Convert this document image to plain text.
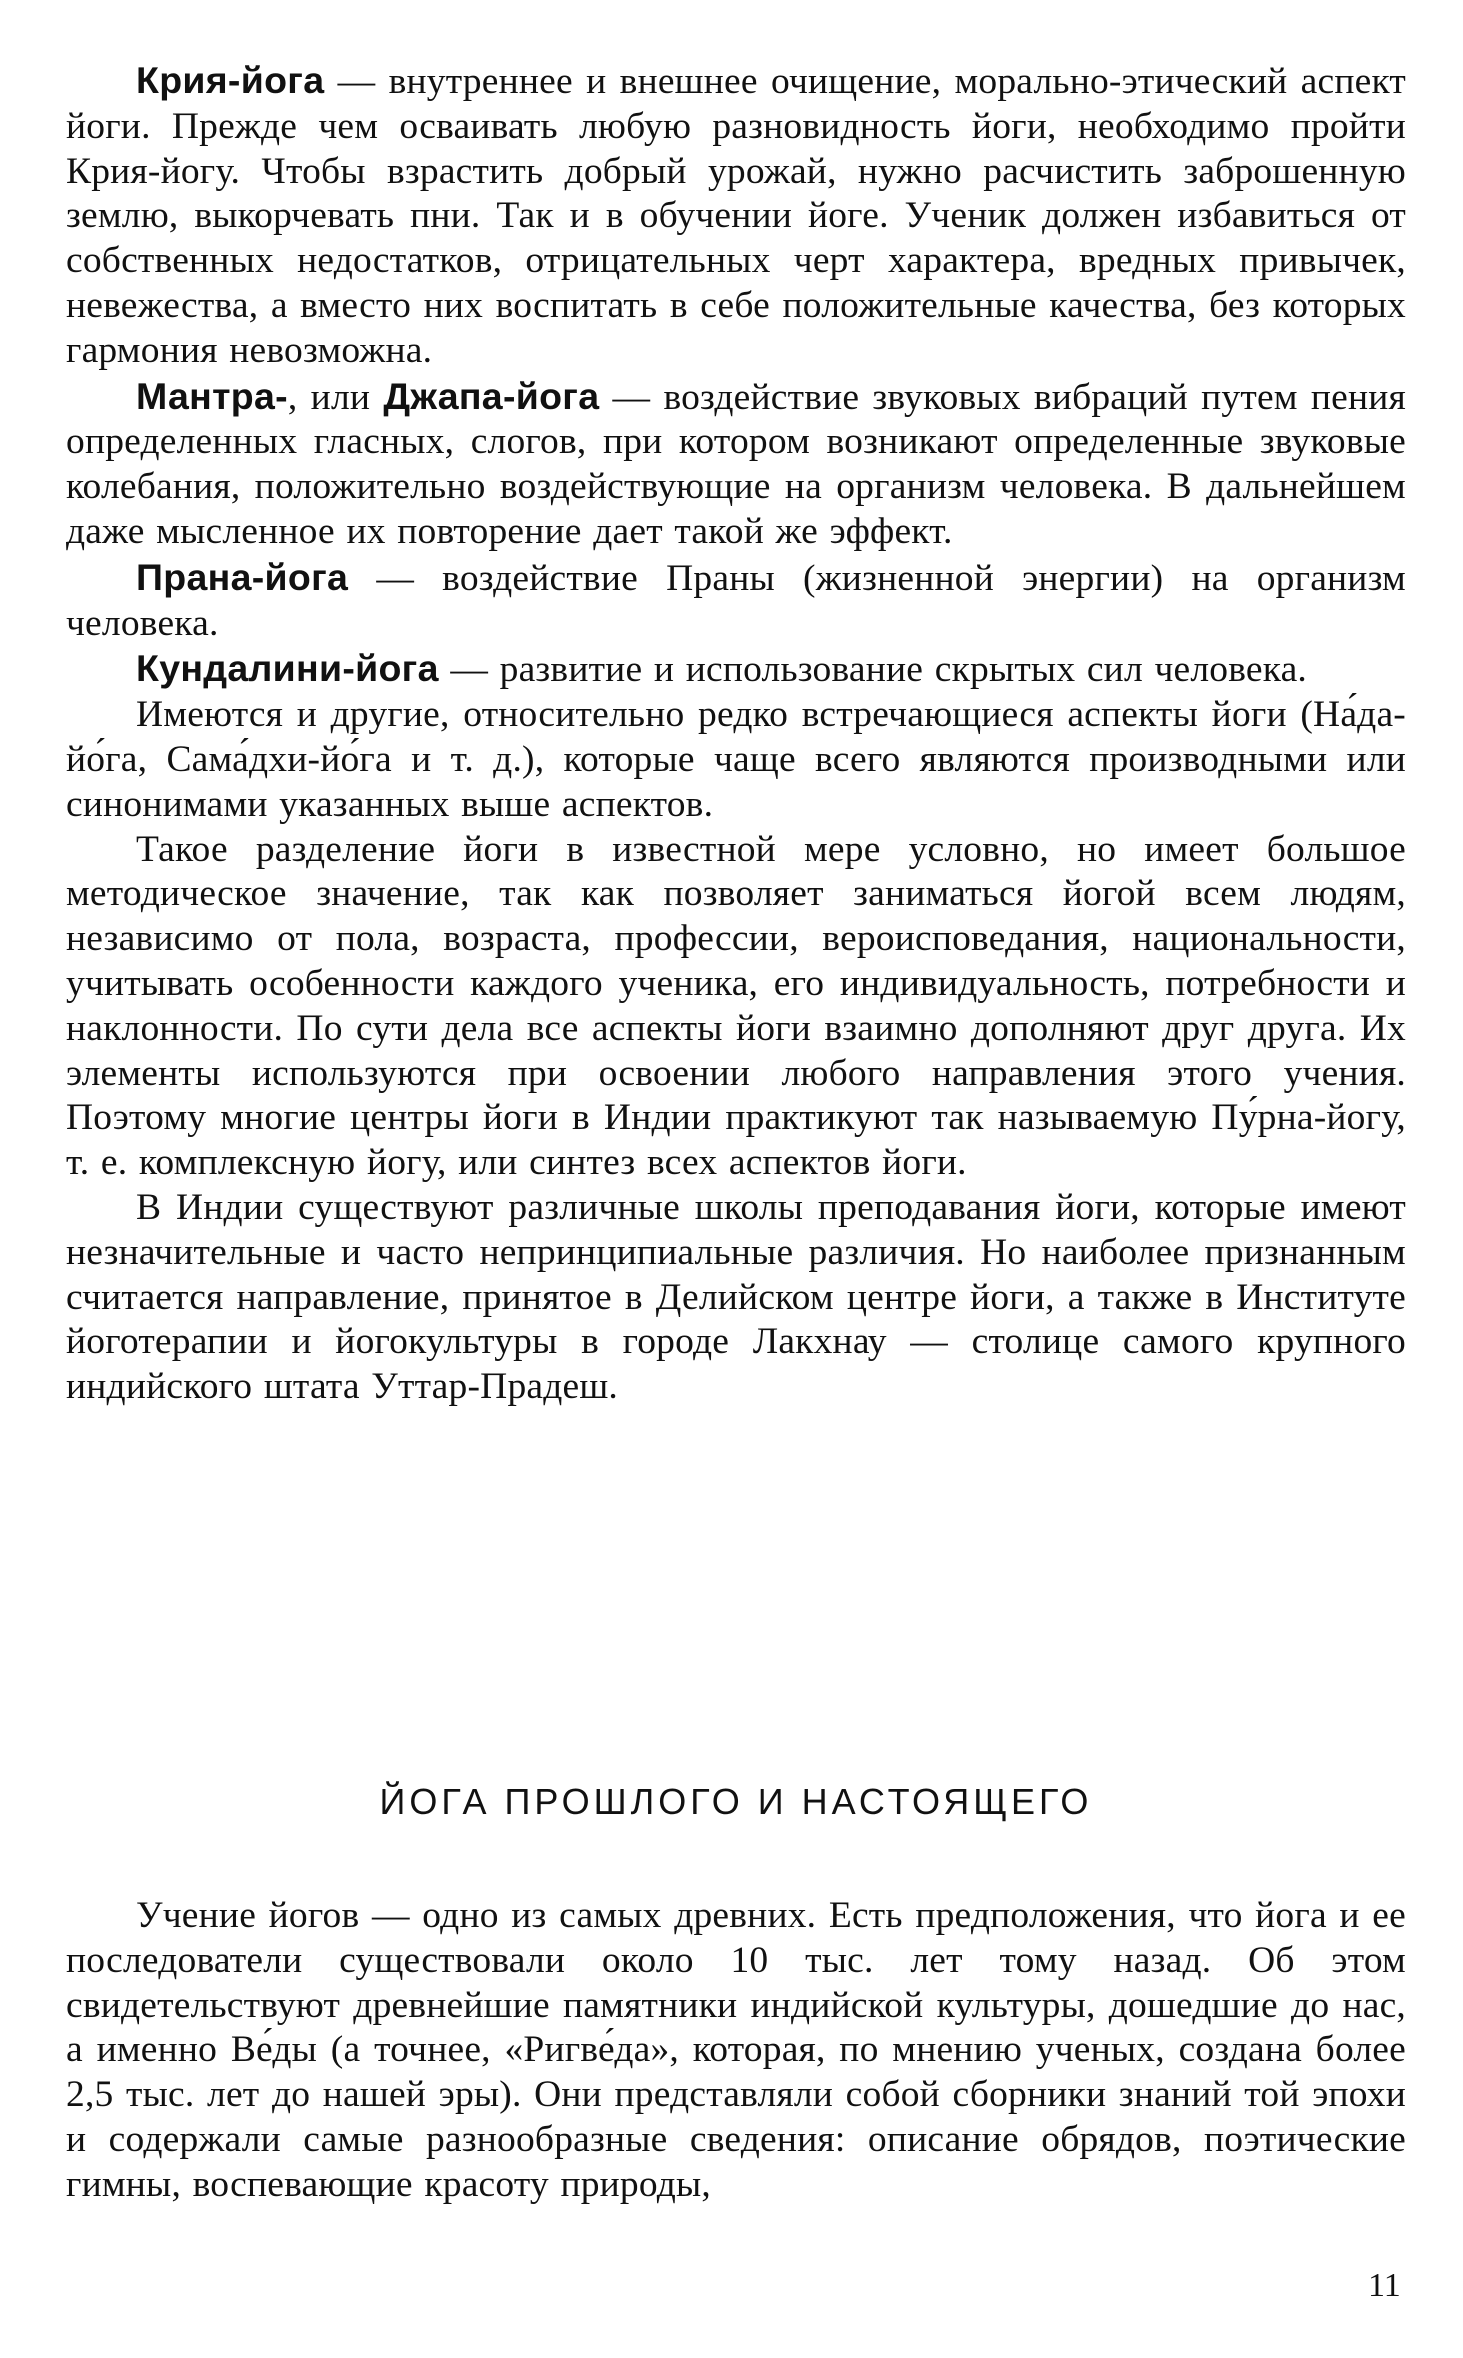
Крия-йога — внутреннее и внешнее очищение, морально-этический аспект йоги. Прежде чем осваивать любую разновидность йоги, необходимо пройти Крия-йогу. Чтобы взрастить добрый урожай, нужно расчистить заброшенную землю, выкорчевать пни. Так и в обучении йоге. Ученик должен избавиться от собственных недостатков, отрицательных черт характера, вредных привычек, невежества, а вместо них воспитать в себе положительные качества, без которых гармония невозможна.

Мантра-, или Джапа-йога — воздействие звуковых вибраций путем пения определенных гласных, слогов, при котором возникают определенные звуковые колебания, положительно воздействующие на организм человека. В дальнейшем даже мысленное их повторение дает такой же эффект.

Прана-йога — воздействие Праны (жизненной энергии) на организм человека.

Кундалини-йога — развитие и использование скрытых сил человека.

Имеются и другие, относительно редко встречающиеся аспекты йоги (На́да-йо́га, Сама́дхи-йо́га и т. д.), которые чаще всего являются производными или синонимами указанных выше аспектов.

Такое разделение йоги в известной мере условно, но имеет большое методическое значение, так как позволяет заниматься йогой всем людям, независимо от пола, возраста, профессии, вероисповедания, национальности, учитывать особенности каждого ученика, его индивидуальность, потребности и наклонности. По сути дела все аспекты йоги взаимно дополняют друг друга. Их элементы используются при освоении любого направления этого учения. Поэтому многие центры йоги в Индии практикуют так называемую Пу́рна-йогу, т. е. комплексную йогу, или синтез всех аспектов йоги.

В Индии существуют различные школы преподавания йоги, которые имеют незначительные и часто непринципиальные различия. Но наиболее признанным считается направление, принятое в Делийском центре йоги, а также в Институте йоготерапии и йогокультуры в городе Лакхнау — столице самого крупного индийского штата Уттар-Прадеш.

ЙОГА ПРОШЛОГО И НАСТОЯЩЕГО

Учение йогов — одно из самых древних. Есть предположения, что йога и ее последователи существовали около 10 тыс. лет тому назад. Об этом свидетельствуют древнейшие памятники индийской культуры, дошедшие до нас, а именно Ве́ды (а точнее, «Ригве́да», которая, по мнению ученых, создана более 2,5 тыс. лет до нашей эры). Они представляли собой сборники знаний той эпохи и содержали самые разнообразные сведения: описание обрядов, поэтические гимны, воспевающие красоту природы,

11
